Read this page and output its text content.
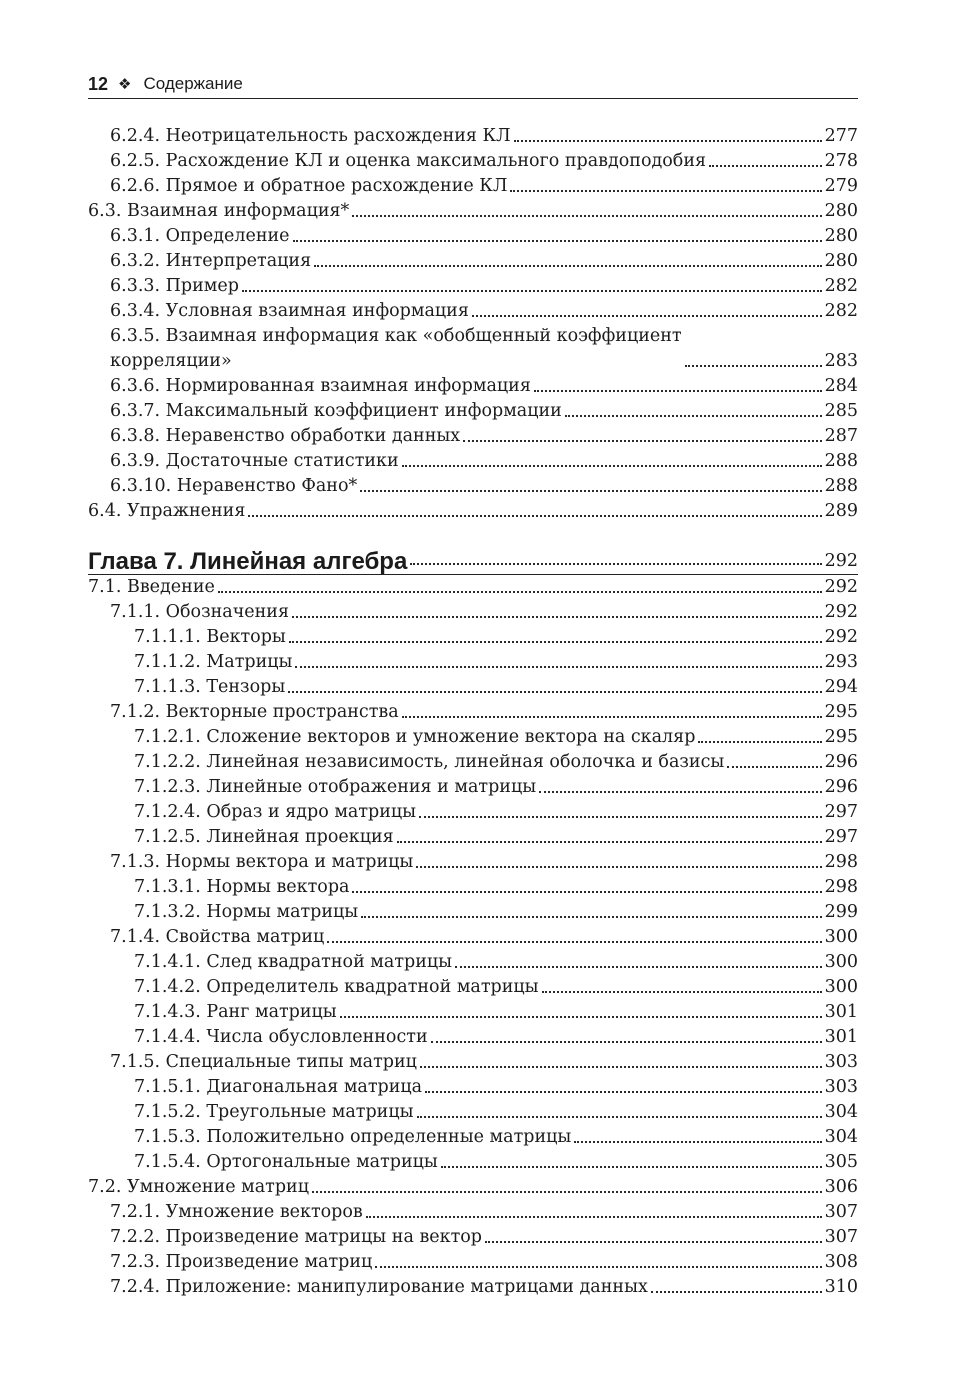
12 ❖ Содержание
6.2.4. Неотрицательность расхождения КЛ	277
6.2.5. Расхождение КЛ и оценка максимального правдоподобия	278
6.2.6. Прямое и обратное расхождение КЛ	279
6.3. Взаимная информация*	280
6.3.1. Определение	280
6.3.2. Интерпретация	280
6.3.3. Пример	282
6.3.4. Условная взаимная информация	282
6.3.5. Взаимная информация как «обобщенный коэффициент
корреляции»	283
6.3.6. Нормированная взаимная информация	284
6.3.7. Максимальный коэффициент информации	285
6.3.8. Неравенство обработки данных	287
6.3.9. Достаточные статистики	288
6.3.10. Неравенство Фано*	288
6.4. Упражнения	289
Глава 7. Линейная алгебра	292
7.1. Введение	292
7.1.1. Обозначения	292
7.1.1.1. Векторы	292
7.1.1.2. Матрицы	293
7.1.1.3. Тензоры	294
7.1.2. Векторные пространства	295
7.1.2.1. Сложение векторов и умножение вектора на скаляр	295
7.1.2.2. Линейная независимость, линейная оболочка и базисы	296
7.1.2.3. Линейные отображения и матрицы	296
7.1.2.4. Образ и ядро матрицы	297
7.1.2.5. Линейная проекция	297
7.1.3. Нормы вектора и матрицы	298
7.1.3.1. Нормы вектора	298
7.1.3.2. Нормы матрицы	299
7.1.4. Свойства матриц	300
7.1.4.1. След квадратной матрицы	300
7.1.4.2. Определитель квадратной матрицы	300
7.1.4.3. Ранг матрицы	301
7.1.4.4. Числа обусловленности	301
7.1.5. Специальные типы матриц	303
7.1.5.1. Диагональная матрица	303
7.1.5.2. Треугольные матрицы	304
7.1.5.3. Положительно определенные матрицы	304
7.1.5.4. Ортогональные матрицы	305
7.2. Умножение матриц	306
7.2.1. Умножение векторов	307
7.2.2. Произведение матрицы на вектор	307
7.2.3. Произведение матриц	308
7.2.4. Приложение: манипулирование матрицами данных	310
